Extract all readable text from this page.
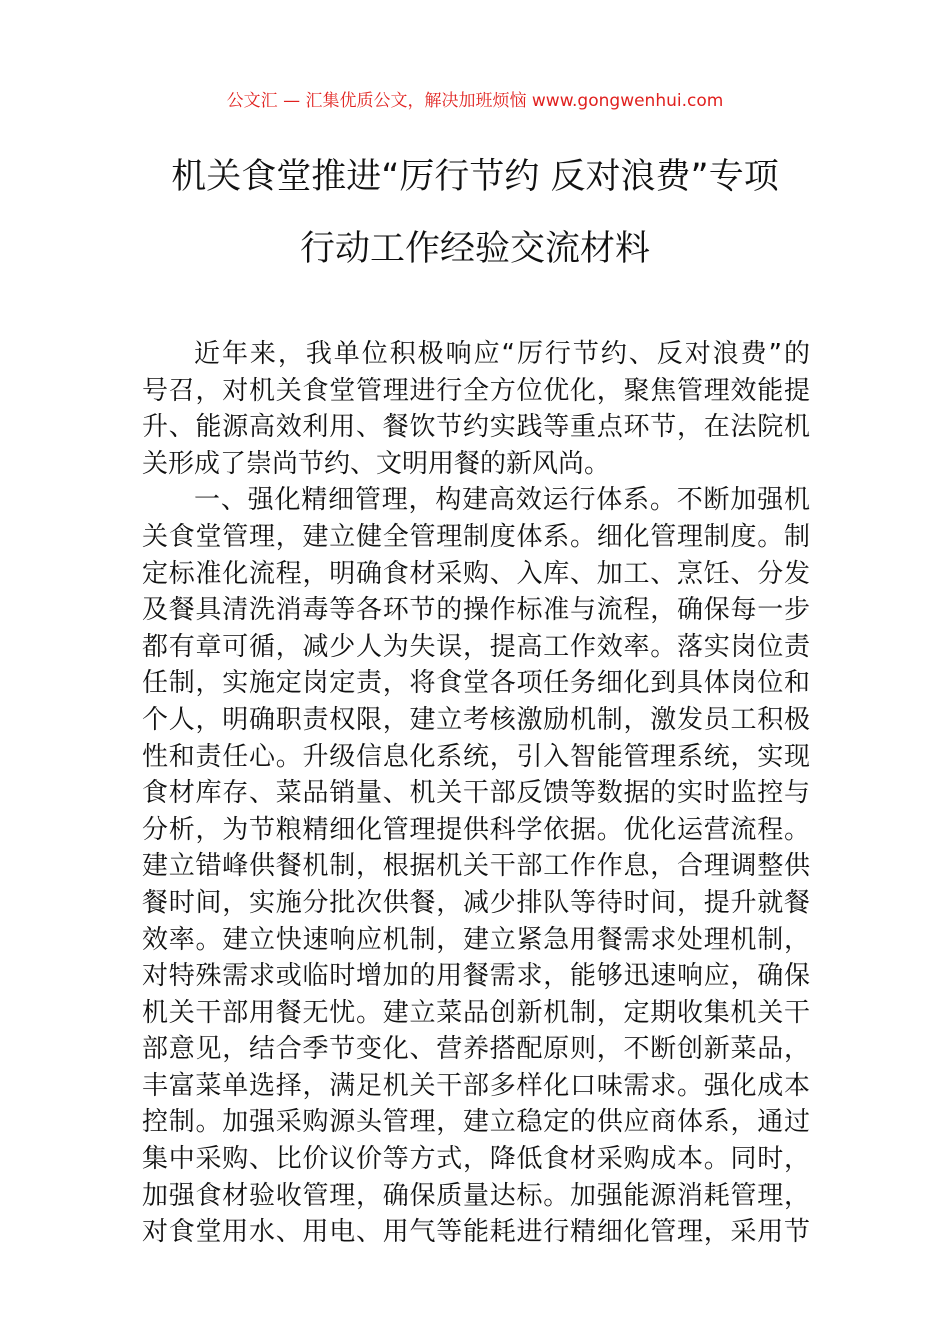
公文汇 — 汇集优质公文，解决加班烦恼 www.gongwenhui.com
机关食堂推进“厉行节约 反对浪费”专项
行动工作经验交流材料
近年来，我单位积极响应“厉行节约、反对浪费”的
号召，对机关食堂管理进行全方位优化，聚焦管理效能提
升、能源高效利用、餐饮节约实践等重点环节，在法院机
关形成了崇尚节约、文明用餐的新风尚。
一、强化精细管理，构建高效运行体系。不断加强机
关食堂管理，建立健全管理制度体系。细化管理制度。制
定标准化流程，明确食材采购、入库、加工、烹饪、分发
及餐具清洗消毒等各环节的操作标准与流程，确保每一步
都有章可循，减少人为失误，提高工作效率。落实岗位责
任制，实施定岗定责，将食堂各项任务细化到具体岗位和
个人，明确职责权限，建立考核激励机制，激发员工积极
性和责任心。升级信息化系统，引入智能管理系统，实现
食材库存、菜品销量、机关干部反馈等数据的实时监控与
分析，为节粮精细化管理提供科学依据。优化运营流程。
建立错峰供餐机制，根据机关干部工作作息，合理调整供
餐时间，实施分批次供餐，减少排队等待时间，提升就餐
效率。建立快速响应机制，建立紧急用餐需求处理机制，
对特殊需求或临时增加的用餐需求，能够迅速响应，确保
机关干部用餐无忧。建立菜品创新机制，定期收集机关干
部意见，结合季节变化、营养搭配原则，不断创新菜品，
丰富菜单选择，满足机关干部多样化口味需求。强化成本
控制。加强采购源头管理，建立稳定的供应商体系，通过
集中采购、比价议价等方式，降低食材采购成本。同时，
加强食材验收管理，确保质量达标。加强能源消耗管理，
对食堂用水、用电、用气等能耗进行精细化管理，采用节
